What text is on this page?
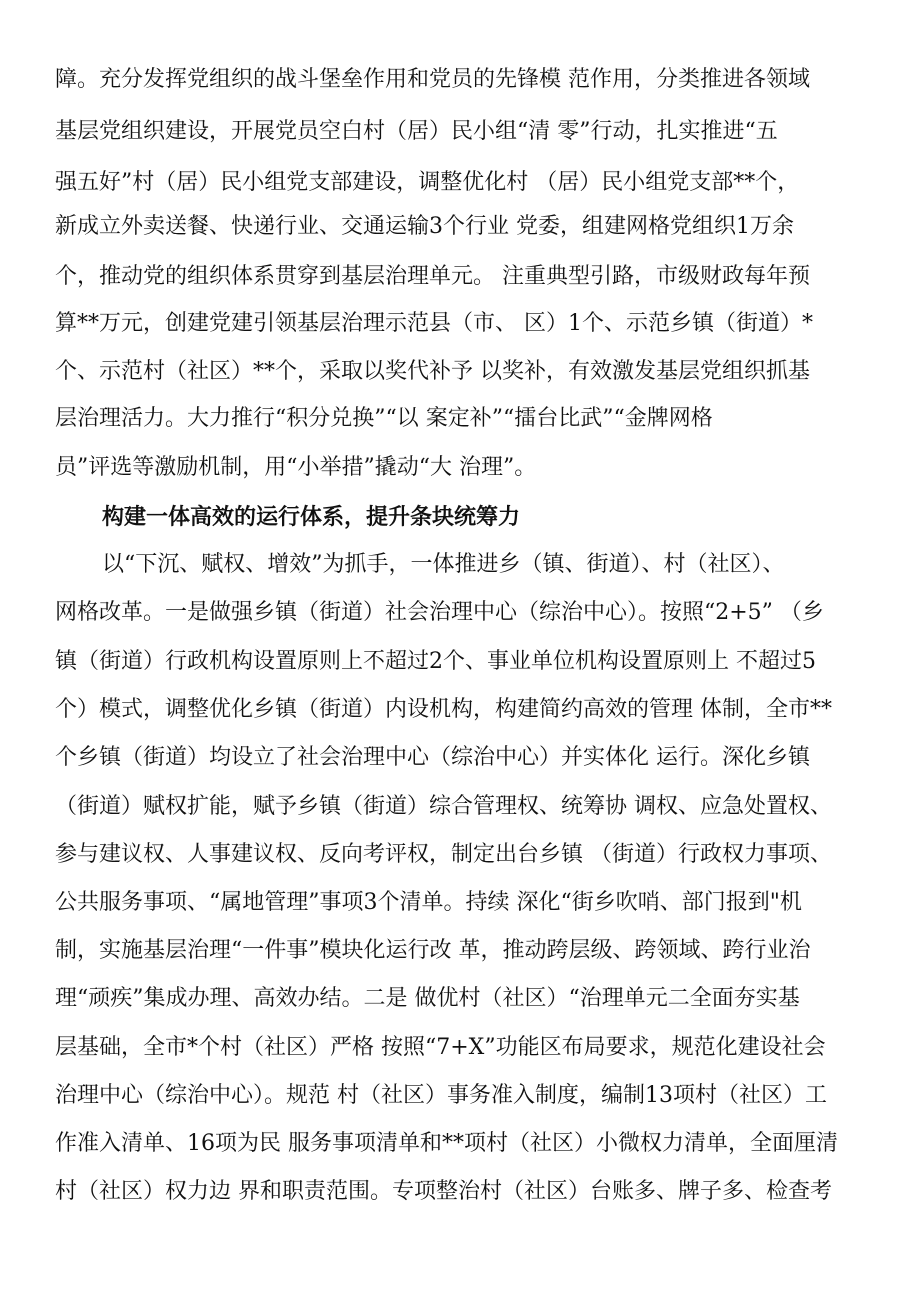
障。充分发挥党组织的战斗堡垒作用和党员的先锋模 范作用，分类推进各领域
基层党组织建设，开展党员空白村（居）民小组“清 零”行动，扎实推进“五
强五好”村（居）民小组党支部建设，调整优化村 （居）民小组党支部**个，
新成立外卖送餐、快递行业、交通运输3个行业 党委，组建网格党组织1万余
个，推动党的组织体系贯穿到基层治理单元。 注重典型引路，市级财政每年预
算**万元，创建党建引领基层治理示范县（市、 区）1个、示范乡镇（街道）*
个、示范村（社区）**个，采取以奖代补予 以奖补，有效激发基层党组织抓基
层治理活力。大力推行“积分兑换”“以 案定补”“擂台比武”“金牌网格
员”评选等激励机制，用“小举措”撬动“大 治理”。
构建一体高效的运行体系，提升条块统筹力
以“下沉、赋权、增效”为抓手，一体推进乡（镇、街道）、村（社区）、
网格改革。一是做强乡镇（街道）社会治理中心（综治中心）。按照“2+5” （乡
镇（街道）行政机构设置原则上不超过2个、事业单位机构设置原则上 不超过5
个）模式，调整优化乡镇（街道）内设机构，构建简约高效的管理 体制，全市**
个乡镇（街道）均设立了社会治理中心（综治中心）并实体化 运行。深化乡镇
（街道）赋权扩能，赋予乡镇（街道）综合管理权、统筹协 调权、应急处置权、
参与建议权、人事建议权、反向考评权，制定出台乡镇 （街道）行政权力事项、
公共服务事项、“属地管理”事项3个清单。持续 深化“街乡吹哨、部门报到"机
制，实施基层治理“一件事”模块化运行改 革，推动跨层级、跨领域、跨行业治
理“顽疾”集成办理、高效办结。二是 做优村（社区）“治理单元二全面夯实基
层基础，全市*个村（社区）严格 按照“7+X”功能区布局要求，规范化建设社会
治理中心（综治中心）。规范 村（社区）事务准入制度，编制13项村（社区）工
作准入清单、16项为民 服务事项清单和**项村（社区）小微权力清单，全面厘清
村（社区）权力边 界和职责范围。专项整治村（社区）台账多、牌子多、检查考
